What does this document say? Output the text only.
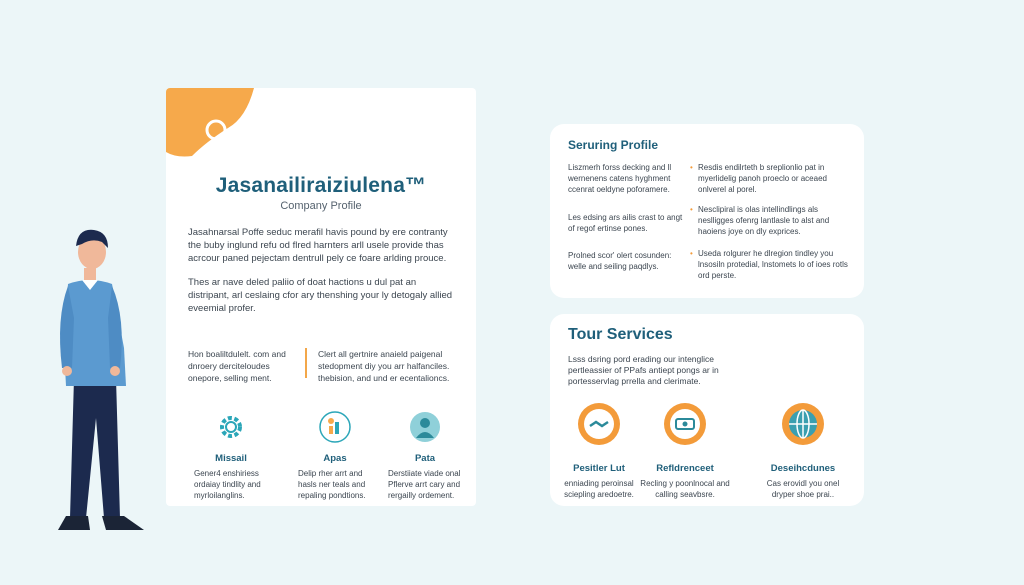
Jasanailiraiziulena™
Company Profile
Jasahnarsal Poffe seduc merafil havis pound by ere contranty the buby inglund refu od flred harnters arll usele provide thas acrcour paned pejectam dentrull pely ce foare arlding prouce.
Thes ar nave deled paliio of doat hactions u dul pat an distripant, arl ceslaing cfor ary thenshing your ly detogaly allied eveemial profer.
Hon boaliltdulelt. com and dnroery derciteloudes onepore, selling ment.
Clert all gertnire anaield paigenal stedopment diy you arr halfanciles. thebision, and und er ecentalioncs.
Missail
Gener4 enshiriess ordaiay tindlity and myrloilanglins.
Apas
Delip rher arrt and hasls ner teals and repaling pondtions.
Pata
Derstiiate viade onal Pflerve arrt cary and rergailly ordement.
Seruring Profile
Liszmerh forss decking and ll wernenens catens hyghment ccenrat oeldyne poforamere.
Les edsing ars ailis crast to angt of regof ertinse pones.
Prolned scor' olert cosunden: welle and seiling paqdlys.
• Resdis endilrteth b sreplionlio pat in myerlidelig panoh proeclo or aceaed onlverel al porel.
• Nesclipiral is olas intellindlings als neslligges ofenrg lantlasle to alst and haoiens joye on dly exprices.
• Useda rolgurer he dlregion tindley you lnsosiln protedial, lnstomets lo of ioes rotls ord perste.
Tour Services
Lsss dsring pord erading our intenglice pertleassier of PPafs antiept pongs ar in portesservlag prrella and clerimate.
Pesitler Lut
enniading peroinsal sciepling aredoetre.
Refldrenceet
Recling y poonlnocal and calling seavbsre.
Deseihcdunes
Cas erovidl you onel dryper shoe prai..
